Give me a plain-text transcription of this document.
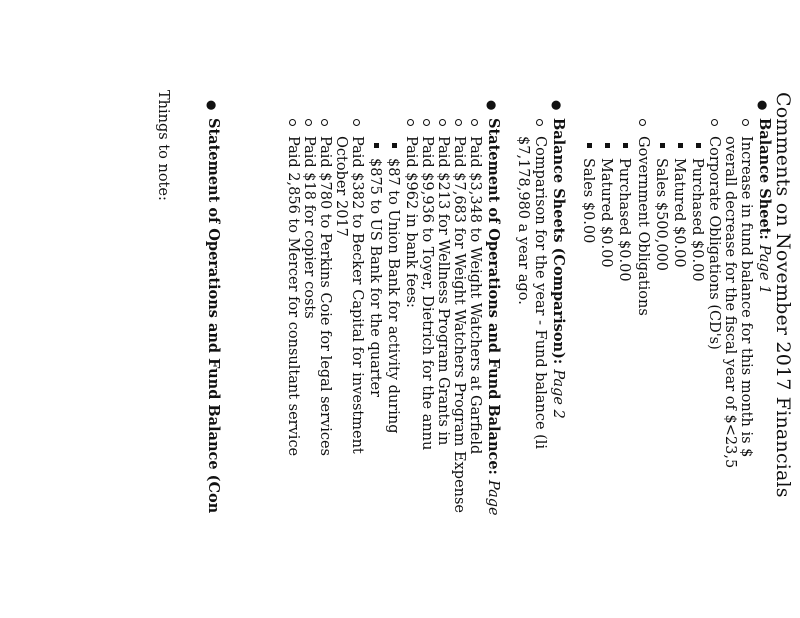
Comments on November 2017 Financials
●
Balance Sheet: Page 1
Increase in fund balance for this month is $
overall decrease for the fiscal year of $<23,5
Corporate Obligations (CD's)
Purchased $0.00
Matured $0.00
Sales $500,000
Government Obligations
Purchased $0.00
Matured $0.00
Sales $0.00
●
Balance Sheets (Comparison): Page 2
Comparison for the year - Fund balance (li
$7,178,980 a year ago.
●
Statement of Operations and Fund Balance: Page
Paid $3,348 to Weight Watchers at Garfield
Paid $7,683 for Weight Watchers Program Expense
Paid $213 for Wellness Program Grants in
Paid $9,936 to Toyer, Dietrich for the annu
Paid $962 in bank fees:
$87 to Union Bank for activity during
$875 to US Bank for the quarter
Paid $382 to Becker Capital for investment
October 2017
Paid $780 to Perkins Coie for legal services
Paid $18 for copier costs
Paid 2,856 to Mercer for consultant service
●
Statement of Operations and Fund Balance (Con
Things to note:
